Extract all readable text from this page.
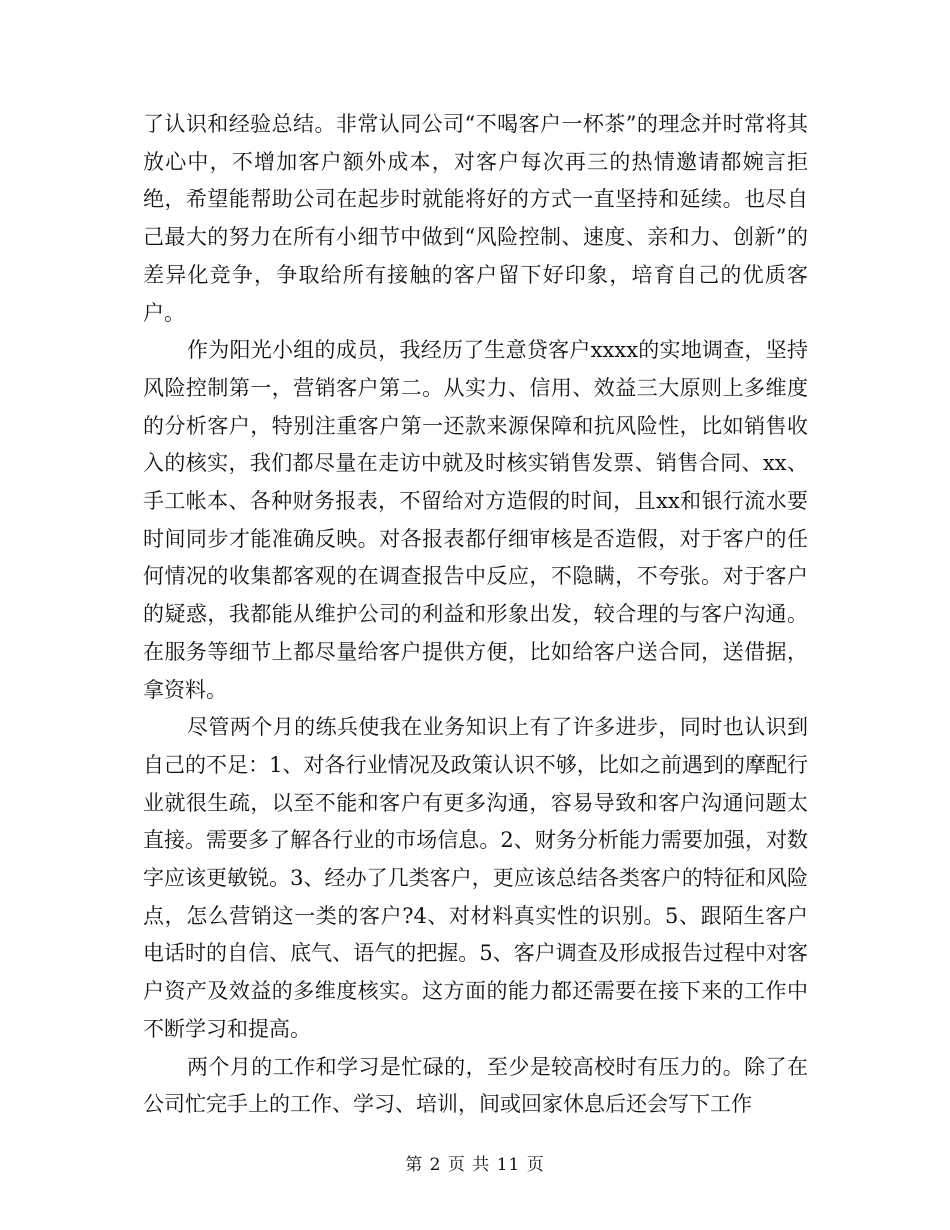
了认识和经验总结。非常认同公司“不喝客户一杯茶”的理念并时常将其放心中，不增加客户额外成本，对客户每次再三的热情邀请都婉言拒绝，希望能帮助公司在起步时就能将好的方式一直坚持和延续。也尽自己最大的努力在所有小细节中做到“风险控制、速度、亲和力、创新”的差异化竞争，争取给所有接触的客户留下好印象，培育自己的优质客户。

作为阳光小组的成员，我经历了生意贷客户xxxx的实地调查，坚持风险控制第一，营销客户第二。从实力、信用、效益三大原则上多维度的分析客户，特别注重客户第一还款来源保障和抗风险性，比如销售收入的核实，我们都尽量在走访中就及时核实销售发票、销售合同、xx、手工帐本、各种财务报表，不留给对方造假的时间，且xx和银行流水要时间同步才能准确反映。对各报表都仔细审核是否造假，对于客户的任何情况的收集都客观的在调查报告中反应，不隐瞒，不夸张。对于客户的疑惑，我都能从维护公司的利益和形象出发，较合理的与客户沟通。在服务等细节上都尽量给客户提供方便，比如给客户送合同，送借据，拿资料。

尽管两个月的练兵使我在业务知识上有了许多进步，同时也认识到自己的不足：1、对各行业情况及政策认识不够，比如之前遇到的摩配行业就很生疏，以至不能和客户有更多沟通，容易导致和客户沟通问题太直接。需要多了解各行业的市场信息。2、财务分析能力需要加强，对数字应该更敏锐。3、经办了几类客户，更应该总结各类客户的特征和风险点，怎么营销这一类的客户?4、对材料真实性的识别。5、跟陌生客户电话时的自信、底气、语气的把握。5、客户调查及形成报告过程中对客户资产及效益的多维度核实。这方面的能力都还需要在接下来的工作中不断学习和提高。

两个月的工作和学习是忙碌的，至少是较高校时有压力的。除了在公司忙完手上的工作、学习、培训，间或回家休息后还会写下工作

第 2 页 共 11 页
